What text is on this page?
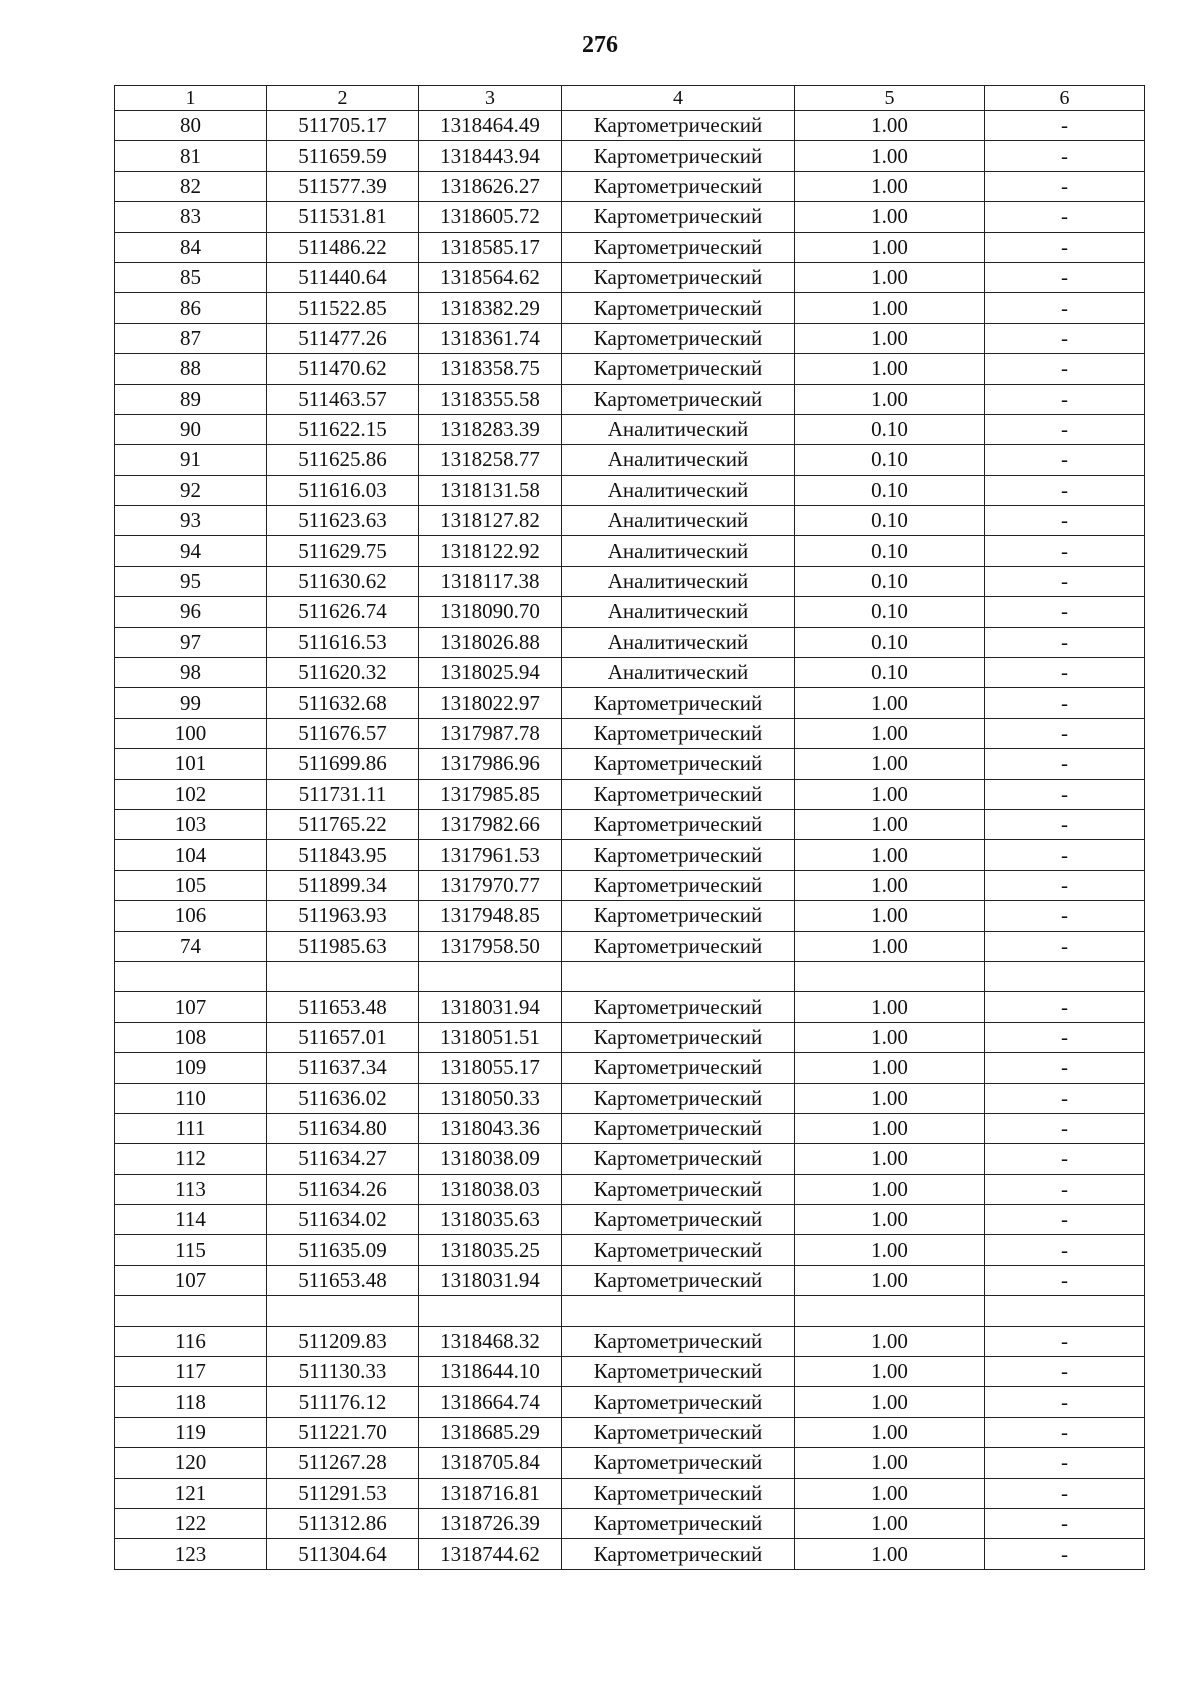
276
1	2	3	4	5	6
80	511705.17	1318464.49	Картометрический	1.00	-
81	511659.59	1318443.94	Картометрический	1.00	-
82	511577.39	1318626.27	Картометрический	1.00	-
83	511531.81	1318605.72	Картометрический	1.00	-
84	511486.22	1318585.17	Картометрический	1.00	-
85	511440.64	1318564.62	Картометрический	1.00	-
86	511522.85	1318382.29	Картометрический	1.00	-
87	511477.26	1318361.74	Картометрический	1.00	-
88	511470.62	1318358.75	Картометрический	1.00	-
89	511463.57	1318355.58	Картометрический	1.00	-
90	511622.15	1318283.39	Аналитический	0.10	-
91	511625.86	1318258.77	Аналитический	0.10	-
92	511616.03	1318131.58	Аналитический	0.10	-
93	511623.63	1318127.82	Аналитический	0.10	-
94	511629.75	1318122.92	Аналитический	0.10	-
95	511630.62	1318117.38	Аналитический	0.10	-
96	511626.74	1318090.70	Аналитический	0.10	-
97	511616.53	1318026.88	Аналитический	0.10	-
98	511620.32	1318025.94	Аналитический	0.10	-
99	511632.68	1318022.97	Картометрический	1.00	-
100	511676.57	1317987.78	Картометрический	1.00	-
101	511699.86	1317986.96	Картометрический	1.00	-
102	511731.11	1317985.85	Картометрический	1.00	-
103	511765.22	1317982.66	Картометрический	1.00	-
104	511843.95	1317961.53	Картометрический	1.00	-
105	511899.34	1317970.77	Картометрический	1.00	-
106	511963.93	1317948.85	Картометрический	1.00	-
74	511985.63	1317958.50	Картометрический	1.00	-

107	511653.48	1318031.94	Картометрический	1.00	-
108	511657.01	1318051.51	Картометрический	1.00	-
109	511637.34	1318055.17	Картометрический	1.00	-
110	511636.02	1318050.33	Картометрический	1.00	-
111	511634.80	1318043.36	Картометрический	1.00	-
112	511634.27	1318038.09	Картометрический	1.00	-
113	511634.26	1318038.03	Картометрический	1.00	-
114	511634.02	1318035.63	Картометрический	1.00	-
115	511635.09	1318035.25	Картометрический	1.00	-
107	511653.48	1318031.94	Картометрический	1.00	-

116	511209.83	1318468.32	Картометрический	1.00	-
117	511130.33	1318644.10	Картометрический	1.00	-
118	511176.12	1318664.74	Картометрический	1.00	-
119	511221.70	1318685.29	Картометрический	1.00	-
120	511267.28	1318705.84	Картометрический	1.00	-
121	511291.53	1318716.81	Картометрический	1.00	-
122	511312.86	1318726.39	Картометрический	1.00	-
123	511304.64	1318744.62	Картометрический	1.00	-
